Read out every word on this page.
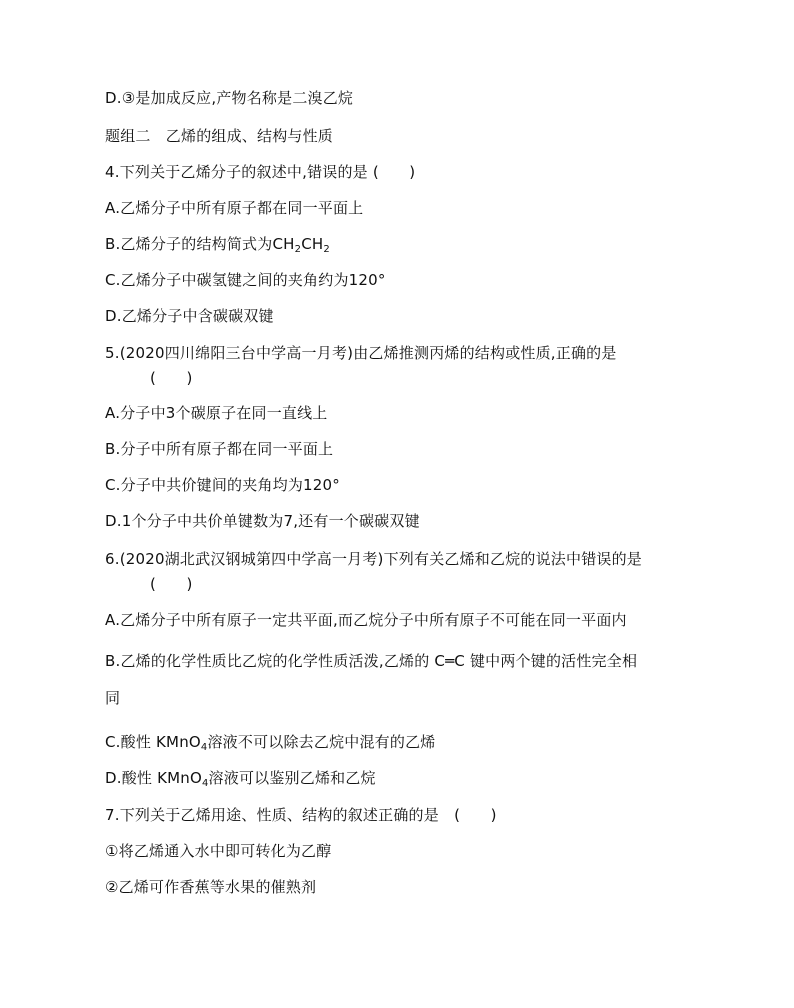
D.③是加成反应,产物名称是二溴乙烷
题组二　乙烯的组成、结构与性质
4.下列关于乙烯分子的叙述中,错误的是 (　　)
A.乙烯分子中所有原子都在同一平面上
B.乙烯分子的结构简式为$CH_2CH_2$
C.乙烯分子中碳氢键之间的夹角约为120°
D.乙烯分子中含碳碳双键
5.(2020四川绵阳三台中学高一月考)由乙烯推测丙烯的结构或性质,正确的是
(　　)
A.分子中3个碳原子在同一直线上
B.分子中所有原子都在同一平面上
C.分子中共价键间的夹角均为120°
D.1个分子中共价单键数为7,还有一个碳碳双键
6.(2020湖北武汉钢城第四中学高一月考)下列有关乙烯和乙烷的说法中错误的是
(　　)
A.乙烯分子中所有原子一定共平面,而乙烷分子中所有原子不可能在同一平面内
B.乙烯的化学性质比乙烷的化学性质活泼,乙烯的 C═C 键中两个键的活性完全相
同
C.酸性 KMnO$_4$溶液不可以除去乙烷中混有的乙烯
D.酸性 KMnO$_4$溶液可以鉴别乙烯和乙烷
7.下列关于乙烯用途、性质、结构的叙述正确的是　(　　)
①将乙烯通入水中即可转化为乙醇
②乙烯可作香蕉等水果的催熟剂
